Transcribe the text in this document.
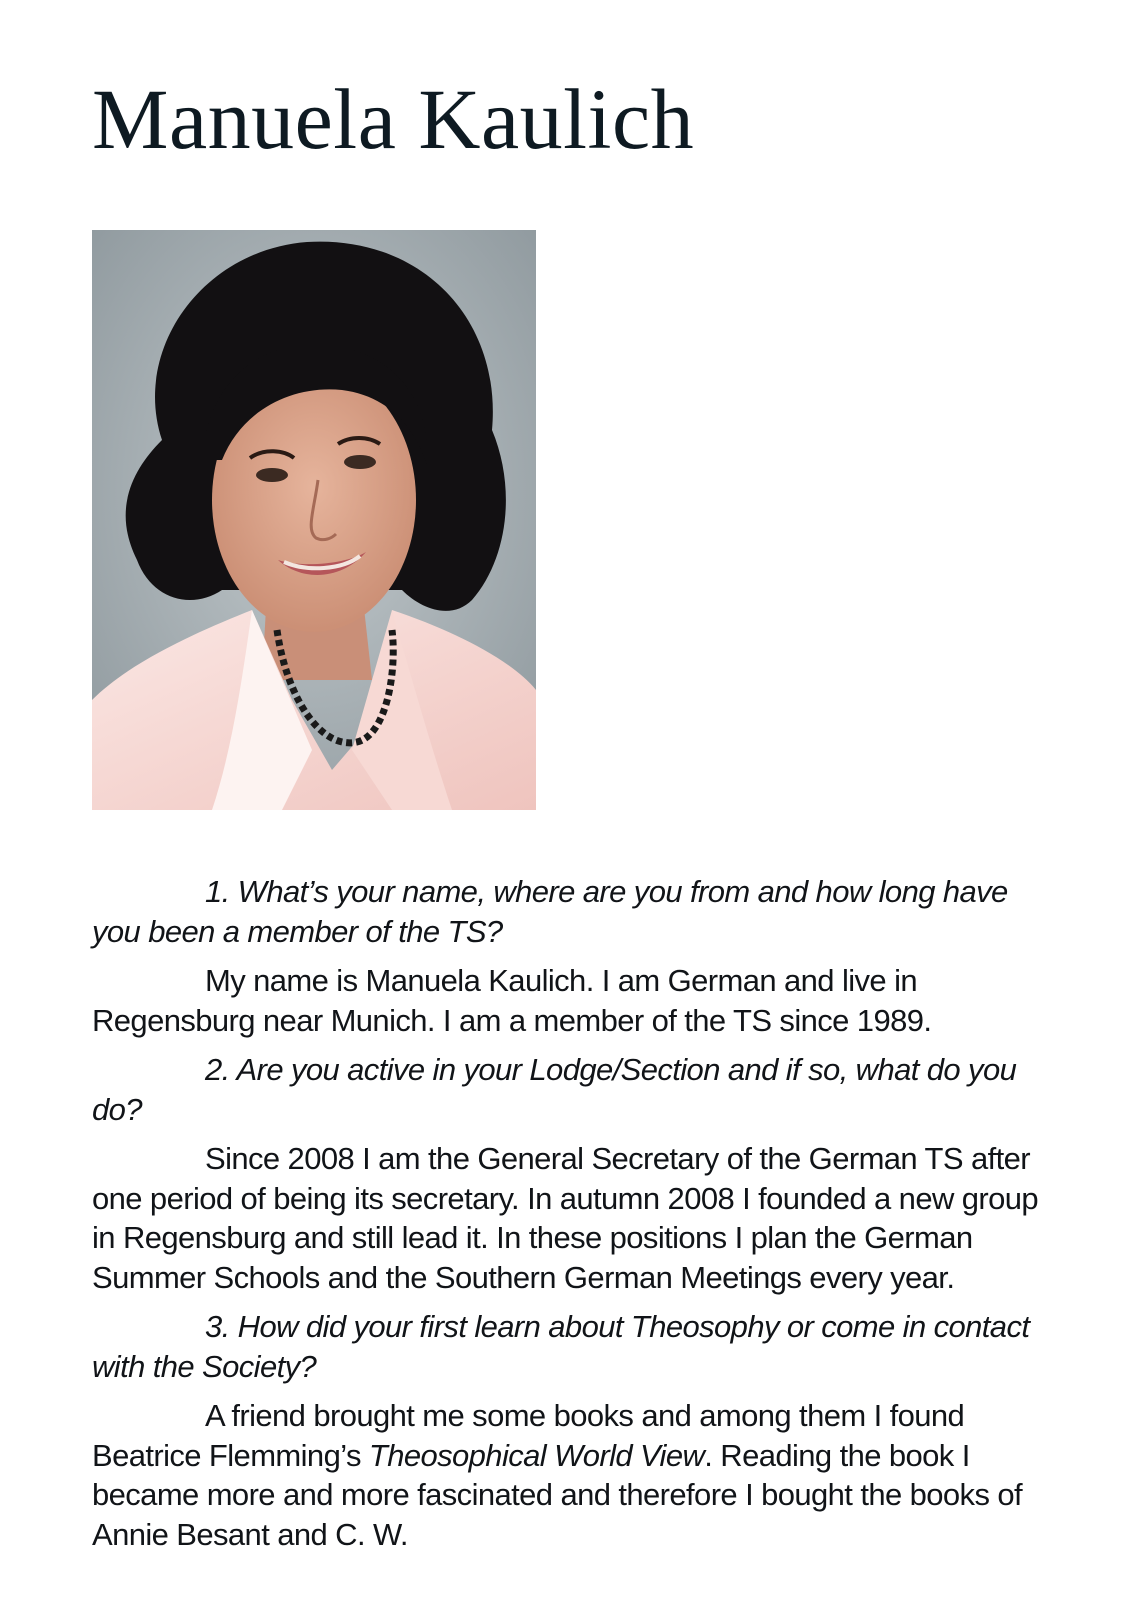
Manuela Kaulich

1. What’s your name, where are you from and how long have you been a member of the TS?

My name is Manuela Kaulich. I am German and live in Regensburg near Munich. I am a member of the TS since 1989.

2. Are you active in your Lodge/Section and if so, what do you do?

Since 2008 I am the General Secretary of the German TS after one period of being its secretary. In autumn 2008 I founded a new group in Regensburg and still lead it. In these positions I plan the German Summer Schools and the Southern German Meetings every year.

3. How did your first learn about Theosophy or come in contact with the Society?

A friend brought me some books and among them I found Beatrice Flemming’s Theosophical World View. Reading the book I became more and more fascinated and therefore I bought the books of Annie Besant and C. W.
